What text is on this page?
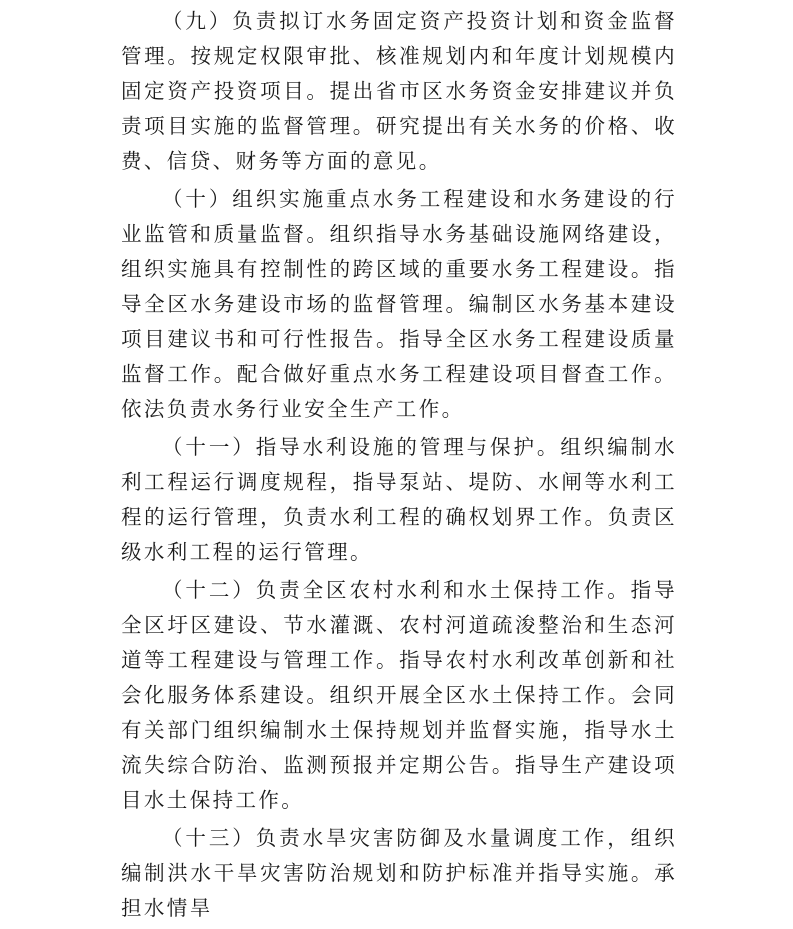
（九）负责拟订水务固定资产投资计划和资金监督管理。按规定权限审批、核准规划内和年度计划规模内固定资产投资项目。提出省市区水务资金安排建议并负责项目实施的监督管理。研究提出有关水务的价格、收费、信贷、财务等方面的意见。

（十）组织实施重点水务工程建设和水务建设的行业监管和质量监督。组织指导水务基础设施网络建设，组织实施具有控制性的跨区域的重要水务工程建设。指导全区水务建设市场的监督管理。编制区水务基本建设项目建议书和可行性报告。指导全区水务工程建设质量监督工作。配合做好重点水务工程建设项目督查工作。依法负责水务行业安全生产工作。

（十一）指导水利设施的管理与保护。组织编制水利工程运行调度规程，指导泵站、堤防、水闸等水利工程的运行管理，负责水利工程的确权划界工作。负责区级水利工程的运行管理。

（十二）负责全区农村水利和水土保持工作。指导全区圩区建设、节水灌溉、农村河道疏浚整治和生态河道等工程建设与管理工作。指导农村水利改革创新和社会化服务体系建设。组织开展全区水土保持工作。会同有关部门组织编制水土保持规划并监督实施，指导水土流失综合防治、监测预报并定期公告。指导生产建设项目水土保持工作。

（十三）负责水旱灾害防御及水量调度工作，组织编制洪水干旱灾害防治规划和防护标准并指导实施。承担水情旱
